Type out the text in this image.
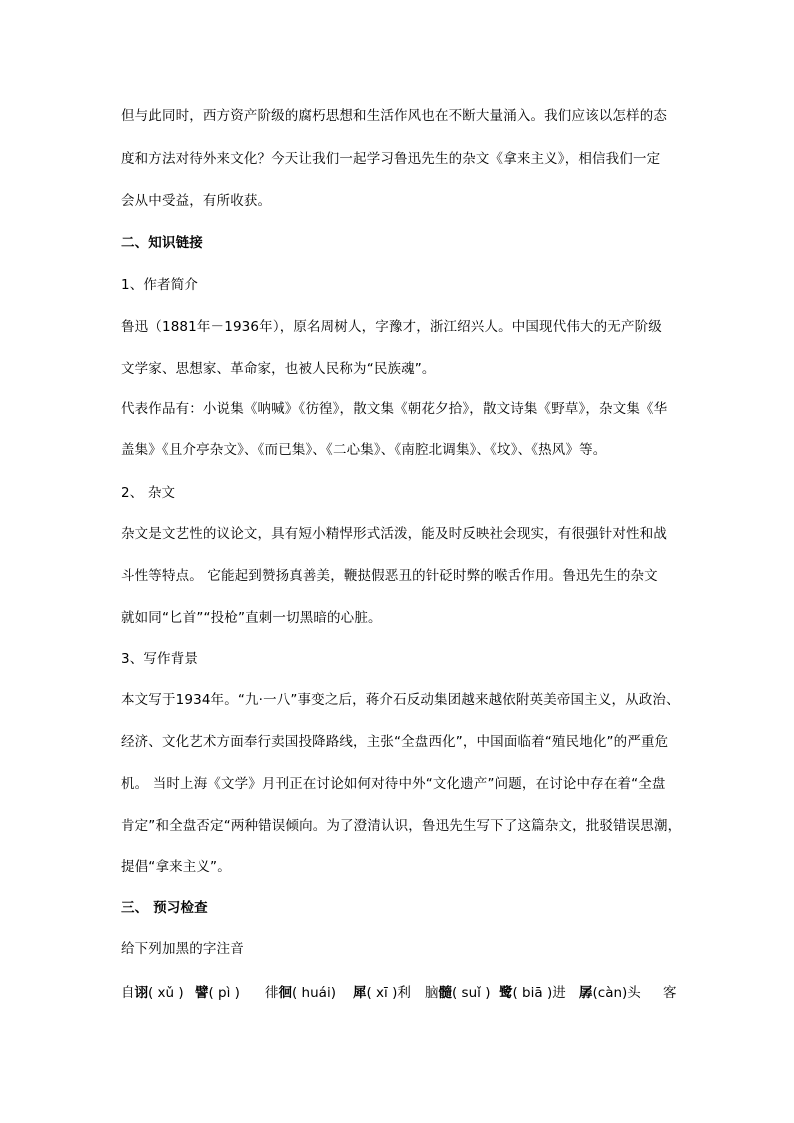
但与此同时，西方资产阶级的腐朽思想和生活作风也在不断大量涌入。我们应该以怎样的态
度和方法对待外来文化？今天让我们一起学习鲁迅先生的杂文《拿来主义》，相信我们一定
会从中受益，有所收获。
二、知识链接
1、作者简介
鲁迅（1881年－1936年），原名周树人，字豫才，浙江绍兴人。中国现代伟大的无产阶级
文学家、思想家、革命家，也被人民称为“民族魂”。
代表作品有：小说集《呐喊》《彷徨》，散文集《朝花夕拾》，散文诗集《野草》，杂文集《华
盖集》《且介亭杂文》、《而已集》、《二心集》、《南腔北调集》、《坟》、《热风》等。
2、 杂文
杂文是文艺性的议论文，具有短小精悍形式活泼，能及时反映社会现实，有很强针对性和战
斗性等特点。 它能起到赞扬真善美，鞭挞假恶丑的针砭时弊的喉舌作用。鲁迅先生的杂文
就如同“匕首”“投枪”直刺一切黑暗的心脏。
3、写作背景
本文写于1934年。“九·一八”事变之后，蒋介石反动集团越来越依附英美帝国主义，从政治、
经济、文化艺术方面奉行卖国投降路线，主张“全盘西化”，中国面临着“殖民地化”的严重危
机。 当时上海《文学》月刊正在讨论如何对待中外“文化遗产”问题，在讨论中存在着“全盘
肯定”和全盘否定“两种错误倾向。为了澄清认识，鲁迅先生写下了这篇杂文，批驳错误思潮，
提倡“拿来主义”。
三、 预习检查
给下列加黑的字注音
自诩( xǔ ) 譬( pì ) 徘徊( huái) 犀( xī )利 脑髓( suǐ ) 鹭( biā )进 孱(càn)头 客
